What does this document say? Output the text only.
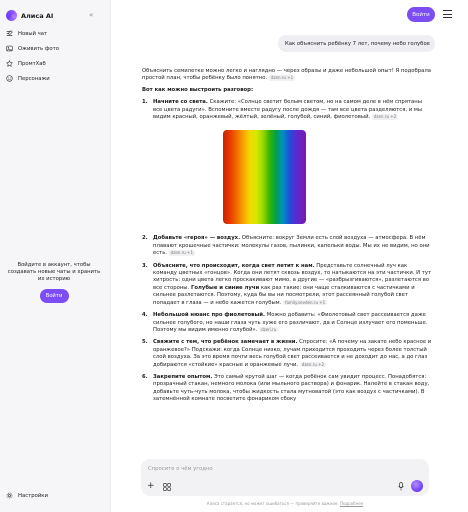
Алиса AI	«
Новый чат
Оживить фото
ПромтХаб
Персонажи
Войдите в аккаунт, чтобы создавать новые чаты и хранить их историю
Войти
Настройки
Войти
Как объяснить ребёнку 7 лет, почему небо голубое

Объяснить семилетке можно легко и наглядно — через образы и даже небольшой опыт! Я подобрала простой план, чтобы ребёнку было понятно. dzen.ru +1

Вот как можно выстроить разговор:

1. Начните со света. Скажите: «Солнце светит белым светом, но на самом деле в нём спрятаны все цвета радуги». Вспомните вместе радугу после дождя — там все цвета разделяются, и мы видим красный, оранжевый, жёлтый, зелёный, голубой, синий, фиолетовый. dzen.ru +2
2. Добавьте «героя» — воздух. Объясните: вокруг Земли есть слой воздуха — атмосфера. В нём плавают крошечные частички: молекулы газов, пылинки, капельки воды. Мы их не видим, но они есть. dzen.ru +1
3. Объясните, что происходит, когда свет летит к нам. Представьте солнечный луч как команду цветных «гонцов». Когда они летят сквозь воздух, то натыкаются на эти частички. И тут хитрость: одни цвета легко проскакивают мимо, а другие — «разбрызгиваются», разлетаются во все стороны. Голубые и синие лучи как раз такие: они чаще сталкиваются с частичками и сильнее разлетаются. Поэтому, куда бы вы ни посмотрели, этот рассеянный голубой свет попадает в глаза — и небо кажется голубым. family.sevden.ru +1
4. Небольшой нюанс про фиолетовый. Можно добавить: «Фиолетовый свет рассеивается даже сильнее голубого, но наши глаза чуть хуже его различают, да и Солнце излучает его поменьше. Поэтому мы видим именно голубой». dzen.ru
5. Свяжите с тем, что ребёнок замечает в жизни. Спросите: «А почему на закате небо красное и оранжевое?» Подскажи: когда Солнце низко, лучам приходится проходить через более толстый слой воздуха. За это время почти весь голубой свет рассеивается и не доходит до нас, а до глаз добираются «стойкие» красные и оранжевые лучи. dzen.ru +2
6. Закрепите опытом. Это самый крутой шаг — когда ребёнок сам увидит процесс. Понадобятся: прозрачный стакан, немного молока (или мыльного раствора) и фонарик. Налейте в стакан воду, добавьте чуть-чуть молока, чтобы жидкость стала мутноватой (это как воздух с частичками). В затемнённой комнате посветите фонариком сбоку
Спросите о чём угодно
+
Алиса старается, но может ошибаться — проверяйте важное. Подробнее
